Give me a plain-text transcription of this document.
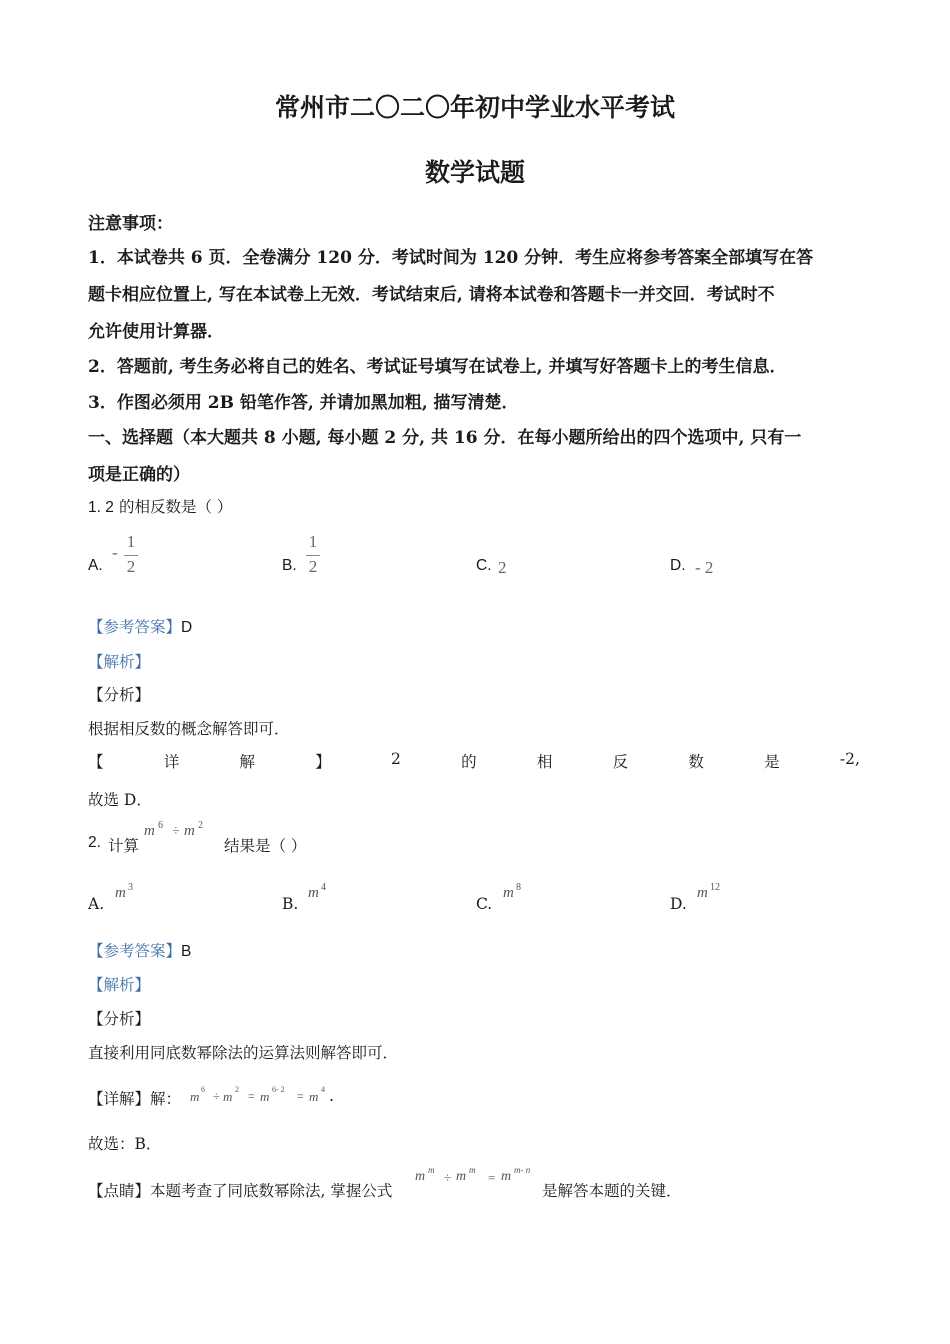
常州市二〇二〇年初中学业水平考试
数学试题
注意事项：
1．本试卷共 6 页．全卷满分 120 分．考试时间为 120 分钟．考生应将参考答案全部填写在答
题卡相应位置上, 写在本试卷上无效．考试结束后, 请将本试卷和答题卡一并交回．考试时不
允许使用计算器．
2．答题前, 考生务必将自己的姓名、考试证号填写在试卷上, 并填写好答题卡上的考生信息．
3．作图必须用 2B 铅笔作答, 并请加黑加粗, 描写清楚．
一、选择题（本大题共 8 小题, 每小题 2 分, 共 16 分．在每小题所给出的四个选项中, 只有一
项是正确的）
1. 2 的相反数是（ ）
A.
-
1
2	B.
1
2	C. 2	D. - 2
【参考答案】D
【解析】
【分析】
根据相反数的概念解答即可．
【	详	解	】	2	的	相	反	数	是	-2,
故选 D．
2. 计算
m 6 ÷ m 2
结果是（ ）
A.
m 3
B.
m 4
C.
m 8
D.
m 12
【参考答案】B
【解析】
【分析】
直接利用同底数幂除法的运算法则解答即可．
【详解】解： m 6 ÷ m 2 = m 6- 2 = m 4 .
故选：B．
【点睛】本题考查了同底数幂除法, 掌握公式
m m ÷ m m = m m- n
是解答本题的关键．
